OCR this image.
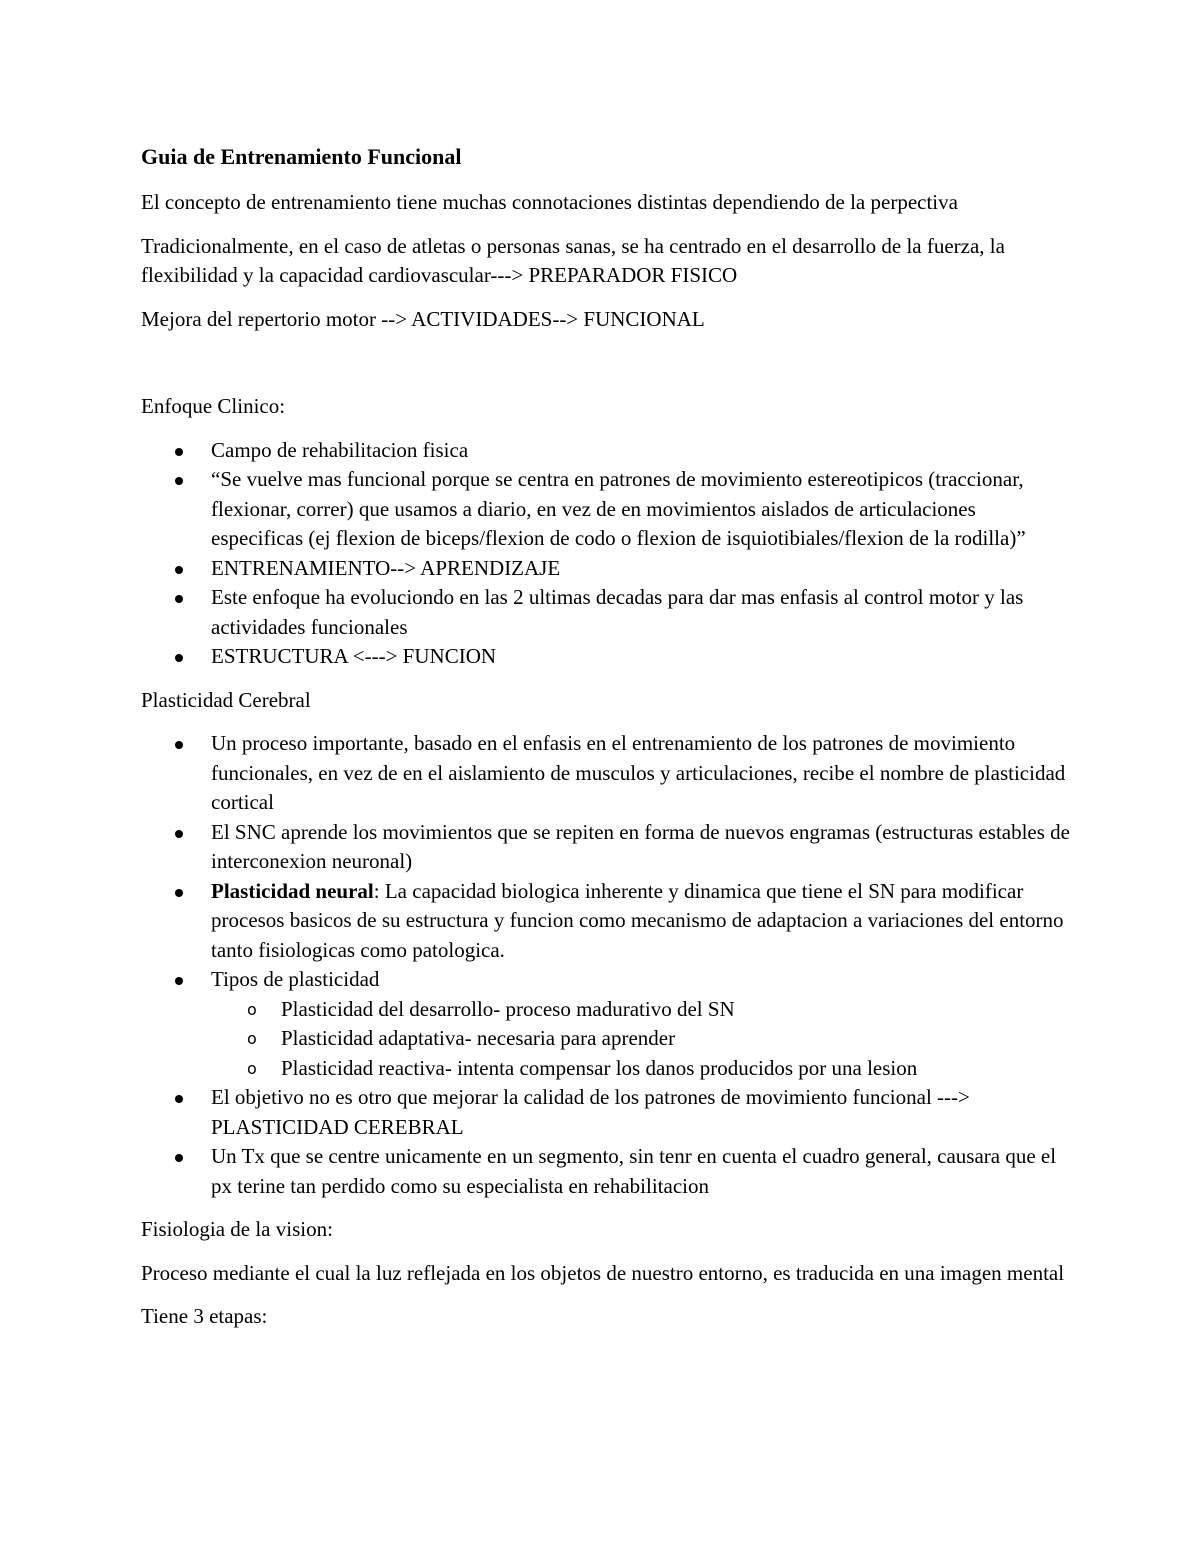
Guia de Entrenamiento Funcional

El concepto de entrenamiento tiene muchas connotaciones distintas dependiendo de la perpectiva

Tradicionalmente, en el caso de atletas o personas sanas, se ha centrado en el desarrollo de la fuerza, la flexibilidad y la capacidad cardiovascular---> PREPARADOR FISICO

Mejora del repertorio motor --> ACTIVIDADES--> FUNCIONAL

Enfoque Clinico:

Campo de rehabilitacion fisica
“Se vuelve mas funcional porque se centra en patrones de movimiento estereotipicos (traccionar, flexionar, correr) que usamos a diario, en vez de en movimientos aislados de articulaciones especificas (ej flexion de biceps/flexion de codo o flexion de isquiotibiales/flexion de la rodilla)”
ENTRENAMIENTO--> APRENDIZAJE
Este enfoque ha evoluciondo en las 2 ultimas decadas para dar mas enfasis al control motor y las actividades funcionales
ESTRUCTURA <---> FUNCION

Plasticidad Cerebral

Un proceso importante, basado en el enfasis en el entrenamiento de los patrones de movimiento funcionales, en vez de en el aislamiento de musculos y articulaciones, recibe el nombre de plasticidad cortical
El SNC aprende los movimientos que se repiten en forma de nuevos engramas (estructuras estables de interconexion neuronal)
Plasticidad neural: La capacidad biologica inherente y dinamica que tiene el SN para modificar procesos basicos de su estructura y funcion como mecanismo de adaptacion a variaciones del entorno tanto fisiologicas como patologica.
Tipos de plasticidad
o Plasticidad del desarrollo- proceso madurativo del SN
o Plasticidad adaptativa- necesaria para aprender
o Plasticidad reactiva- intenta compensar los danos producidos por una lesion
El objetivo no es otro que mejorar la calidad de los patrones de movimiento funcional ---> PLASTICIDAD CEREBRAL
Un Tx que se centre unicamente en un segmento, sin tenr en cuenta el cuadro general, causara que el px terine tan perdido como su especialista en rehabilitacion

Fisiologia de la vision:

Proceso mediante el cual la luz reflejada en los objetos de nuestro entorno, es traducida en una imagen mental

Tiene 3 etapas:
